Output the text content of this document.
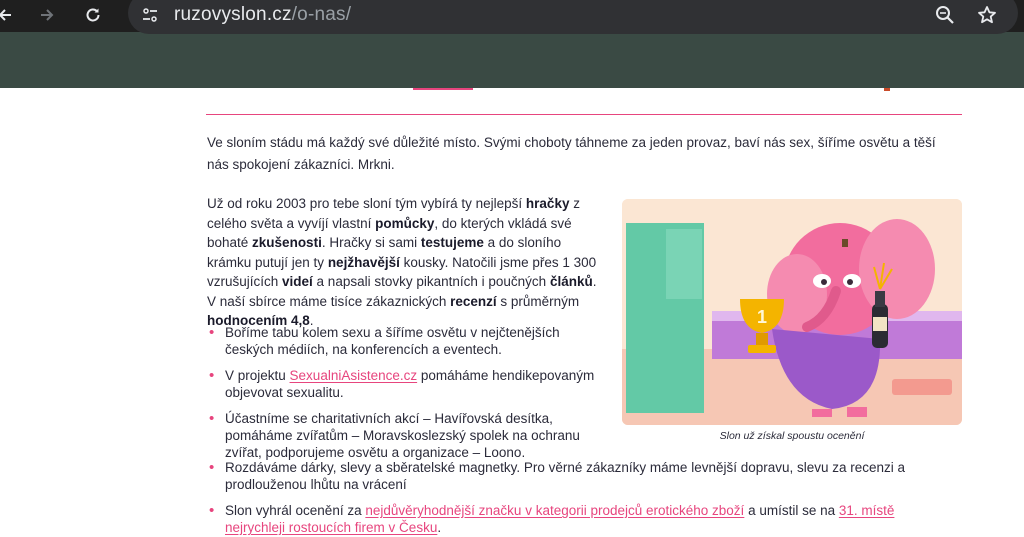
ruzovyslon.cz/o-nas/

Ve sloním stádu má každý své důležité místo. Svými choboty táhneme za jeden provaz, baví nás sex, šíříme osvětu a těší nás spokojení zákazníci. Mrkni.

Už od roku 2003 pro tebe sloní tým vybírá ty nejlepší hračky z celého světa a vyvíjí vlastní pomůcky, do kterých vkládá své bohaté zkušenosti. Hračky si sami testujeme a do sloního krámku putují jen ty nejžhavější kousky. Natočili jsme přes 1 300 vzrušujících videí a napsali stovky pikantních i poučných článků. V naší sbírce máme tisíce zákaznických recenzí s průměrným hodnocením 4,8.

• Boříme tabu kolem sexu a šíříme osvětu v nejčtenějších českých médiích, na konferencích a eventech.
• V projektu SexualniAsistence.cz pomáháme hendikepovaným objevovat sexualitu.
• Účastníme se charitativních akcí – Havířovská desítka, pomáháme zvířatům – Moravskoslezský spolek na ochranu zvířat, podporujeme osvětu a organizace – Loono.
• Rozdáváme dárky, slevy a sběratelské magnetky. Pro věrné zákazníky máme levnější dopravu, slevu za recenzi a prodlouženou lhůtu na vrácení
• Slon vyhrál ocenění za nejdůvěryhodnější značku v kategorii prodejců erotického zboží a umístil se na 31. místě nejrychleji rostoucích firem v Česku.
1
Slon už získal spoustu ocenění
